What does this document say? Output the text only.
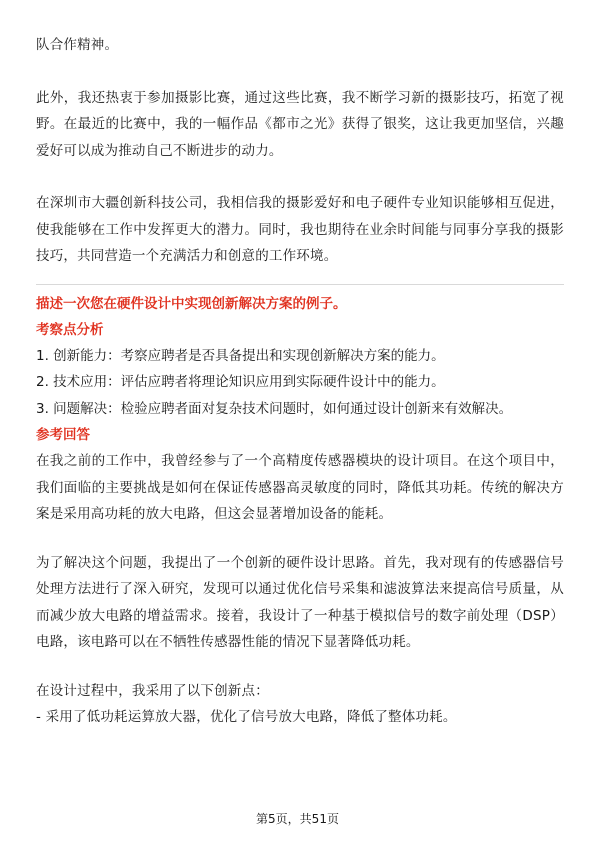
队合作精神。

此外，我还热衷于参加摄影比赛，通过这些比赛，我不断学习新的摄影技巧，拓宽了视野。在最近的比赛中，我的一幅作品《都市之光》获得了银奖，这让我更加坚信，兴趣爱好可以成为推动自己不断进步的动力。

在深圳市大疆创新科技公司，我相信我的摄影爱好和电子硬件专业知识能够相互促进，使我能够在工作中发挥更大的潜力。同时，我也期待在业余时间能与同事分享我的摄影技巧，共同营造一个充满活力和创意的工作环境。

描述一次您在硬件设计中实现创新解决方案的例子。

考察点分析

1. 创新能力：考察应聘者是否具备提出和实现创新解决方案的能力。

2. 技术应用：评估应聘者将理论知识应用到实际硬件设计中的能力。

3. 问题解决：检验应聘者面对复杂技术问题时，如何通过设计创新来有效解决。

参考回答

在我之前的工作中，我曾经参与了一个高精度传感器模块的设计项目。在这个项目中，我们面临的主要挑战是如何在保证传感器高灵敏度的同时，降低其功耗。传统的解决方案是采用高功耗的放大电路，但这会显著增加设备的能耗。

为了解决这个问题，我提出了一个创新的硬件设计思路。首先，我对现有的传感器信号处理方法进行了深入研究，发现可以通过优化信号采集和滤波算法来提高信号质量，从而减少放大电路的增益需求。接着，我设计了一种基于模拟信号的数字前处理（DSP）电路，该电路可以在不牺牲传感器性能的情况下显著降低功耗。

在设计过程中，我采用了以下创新点：

- 采用了低功耗运算放大器，优化了信号放大电路，降低了整体功耗。

第5页，共51页
